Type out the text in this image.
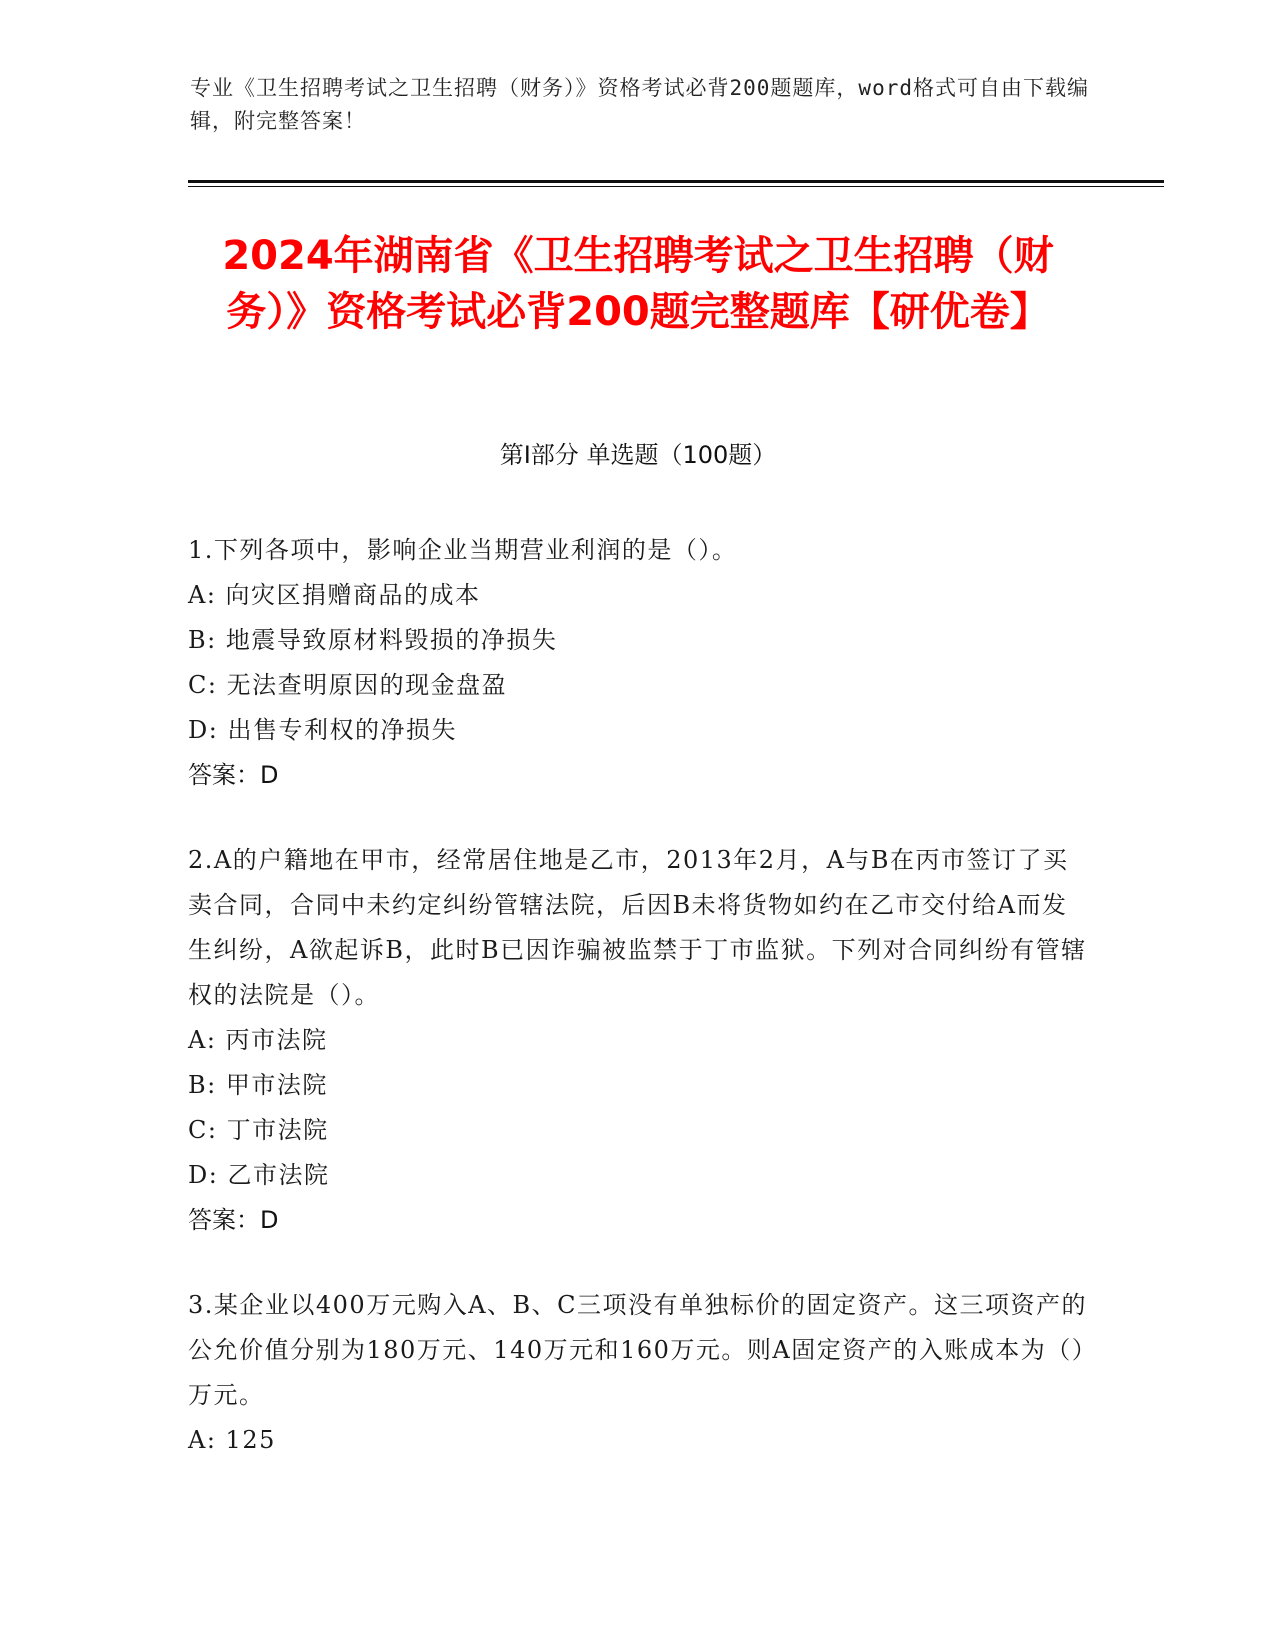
专业《卫生招聘考试之卫生招聘（财务）》资格考试必背200题题库，word格式可自由下载编辑，附完整答案！
2024年湖南省《卫生招聘考试之卫生招聘（财务）》资格考试必背200题完整题库【研优卷】
第I部分 单选题（100题）
1.下列各项中，影响企业当期营业利润的是（）。
A: 向灾区捐赠商品的成本
B: 地震导致原材料毁损的净损失
C: 无法查明原因的现金盘盈
D: 出售专利权的净损失
答案：D
2.A的户籍地在甲市，经常居住地是乙市，2013年2月，A与B在丙市签订了买卖合同，合同中未约定纠纷管辖法院，后因B未将货物如约在乙市交付给A而发生纠纷，A欲起诉B，此时B已因诈骗被监禁于丁市监狱。下列对合同纠纷有管辖权的法院是（）。
A: 丙市法院
B: 甲市法院
C: 丁市法院
D: 乙市法院
答案：D
3.某企业以400万元购入A、B、C三项没有单独标价的固定资产。这三项资产的公允价值分别为180万元、140万元和160万元。则A固定资产的入账成本为（）万元。
A: 125
